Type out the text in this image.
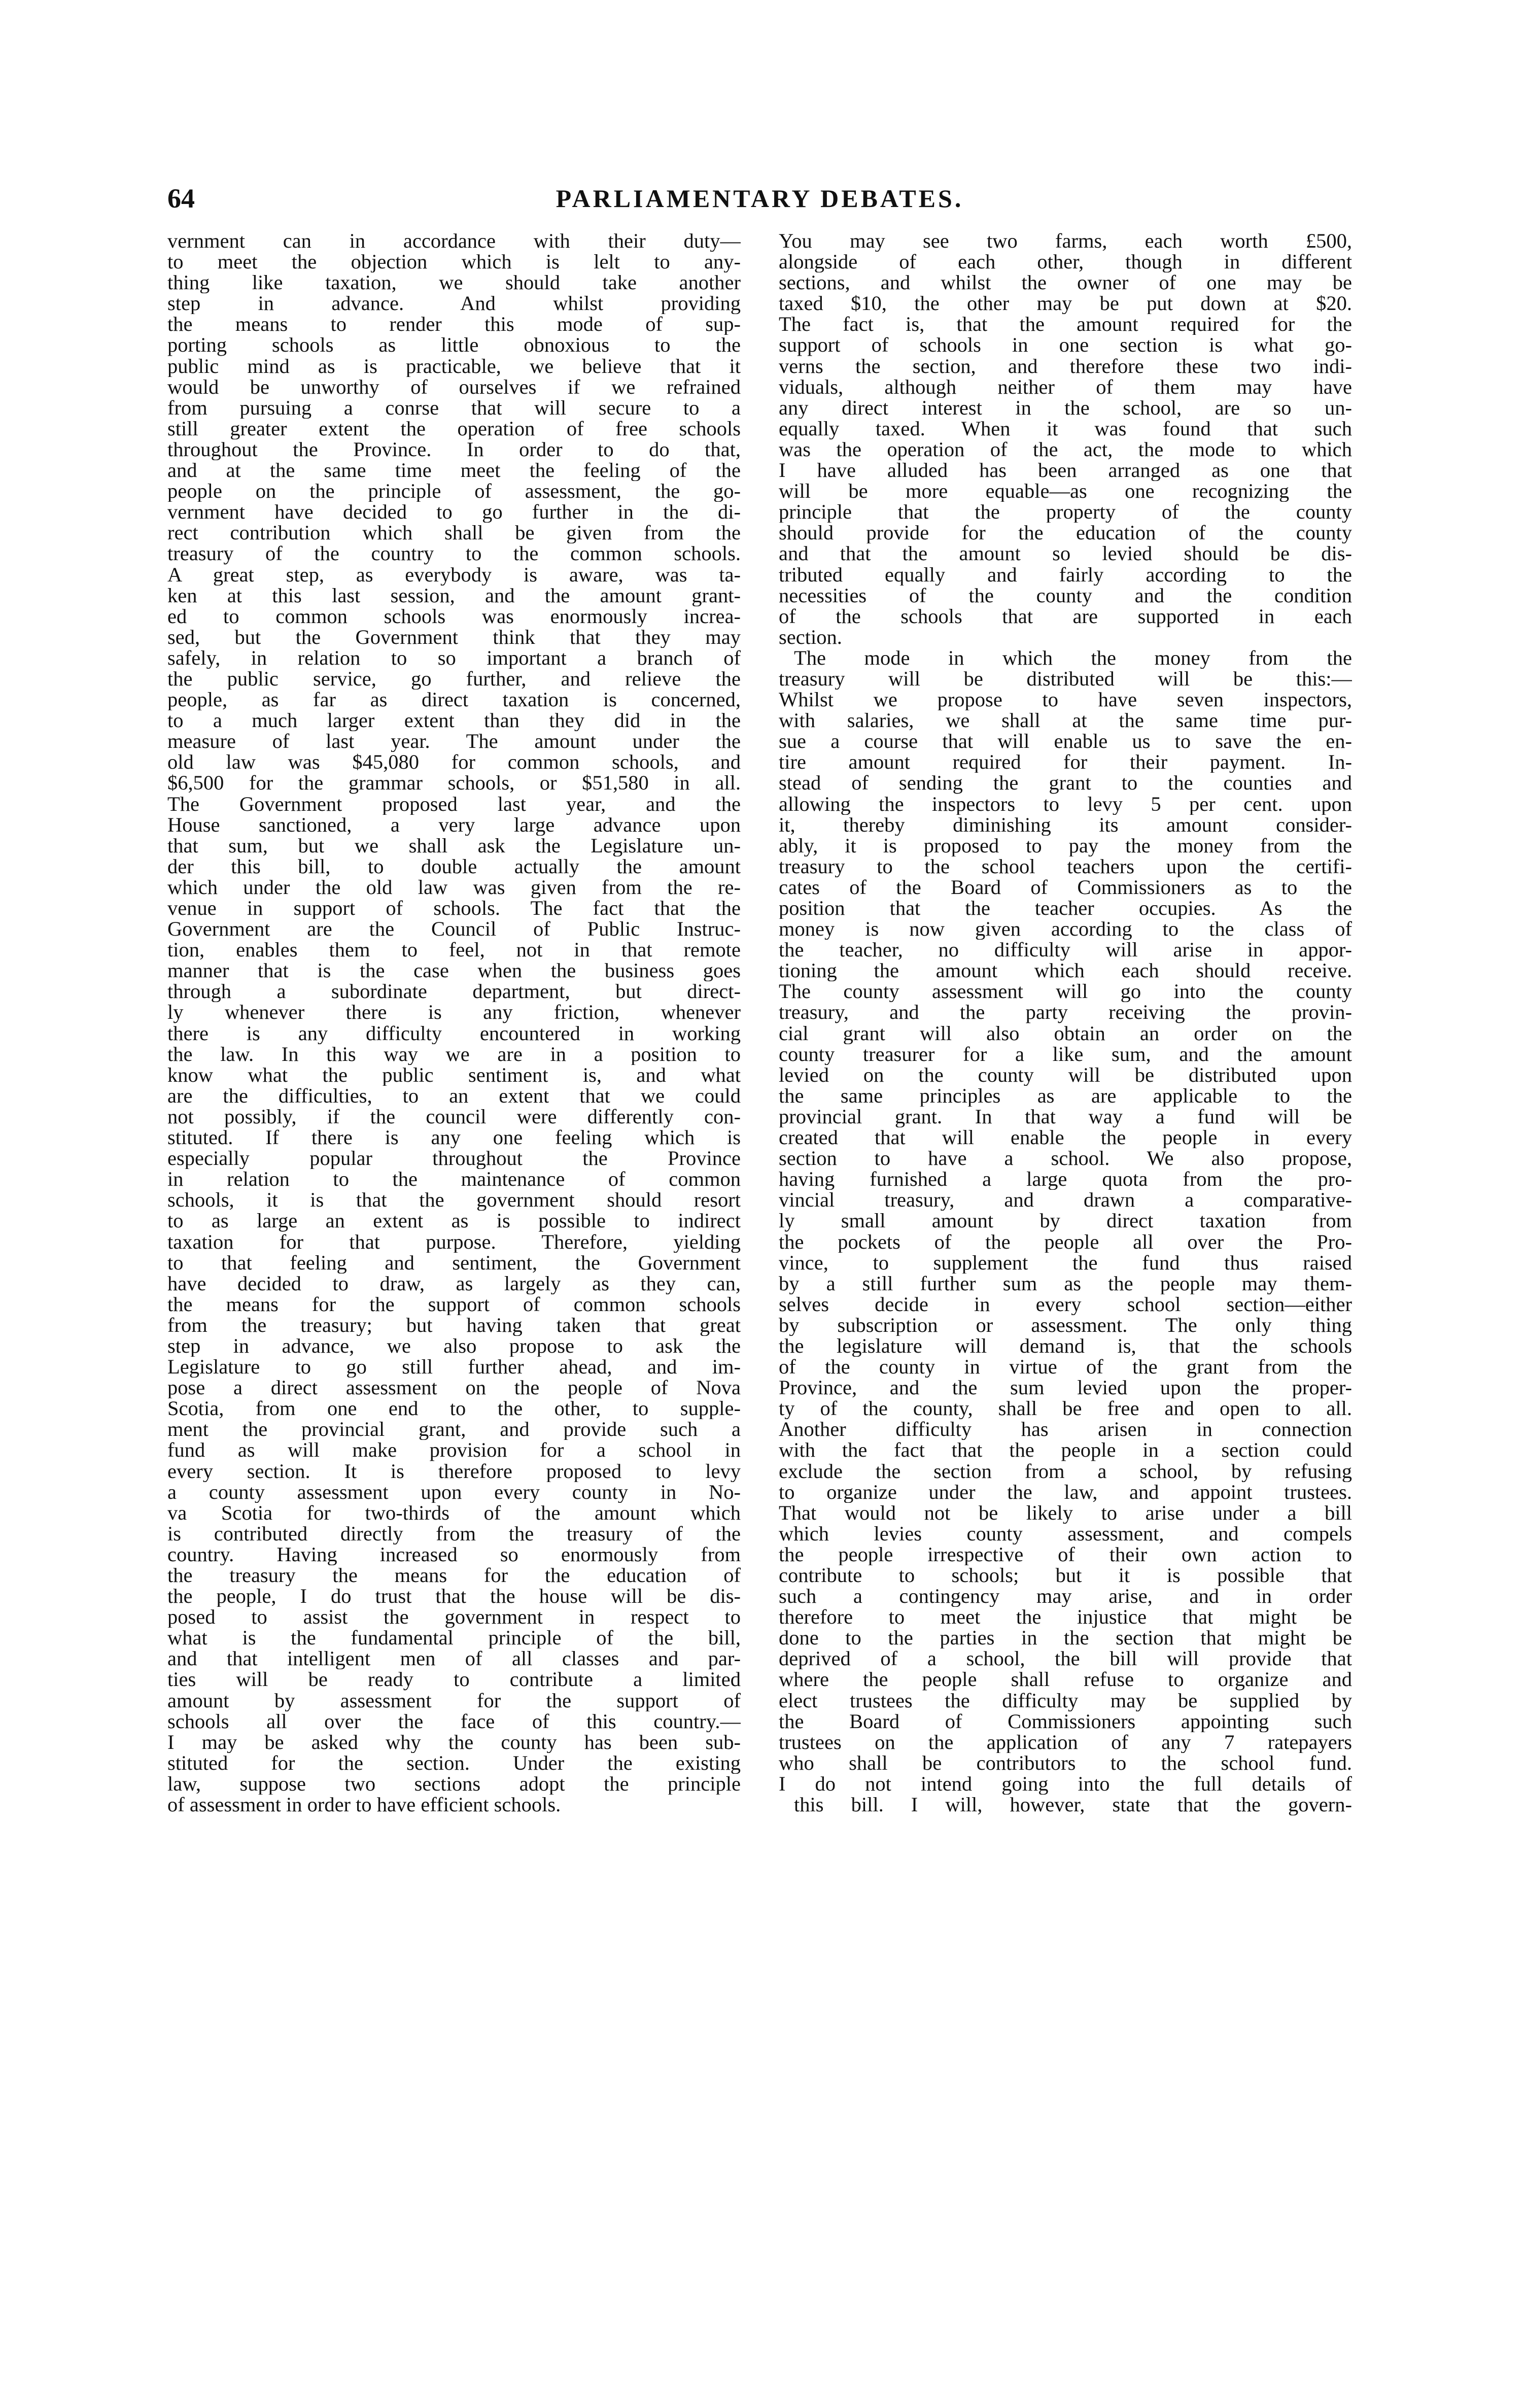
64	PARLIAMENTARY DEBATES.
vernment can in accordance with their duty—
to meet the objection which is lelt to any-
thing like taxation, we should take another
step in advance. And whilst providing
the means to render this mode of sup-
porting schools as little obnoxious to the
public mind as is practicable, we believe that it
would be unworthy of ourselves if we refrained
from pursuing a conrse that will secure to a
still greater extent the operation of free schools
throughout the Province. In order to do that,
and at the same time meet the feeling of the
people on the principle of assessment, the go-
vernment have decided to go further in the di-
rect contribution which shall be given from the
treasury of the country to the common schools.
A great step, as everybody is aware, was ta-
ken at this last session, and the amount grant-
ed to common schools was enormously increa-
sed, but the Government think that they may
safely, in relation to so important a branch of
the public service, go further, and relieve the
people, as far as direct taxation is concerned,
to a much larger extent than they did in the
measure of last year. The amount under the
old law was $45,080 for common schools, and
$6,500 for the grammar schools, or $51,580 in all.
The Government proposed last year, and the
House sanctioned, a very large advance upon
that sum, but we shall ask the Legislature un-
der this bill, to double actually the amount
which under the old law was given from the re-
venue in support of schools. The fact that the
Government are the Council of Public Instruc-
tion, enables them to feel, not in that remote
manner that is the case when the business goes
through a subordinate department, but direct-
ly whenever there is any friction, whenever
there is any difficulty encountered in working
the law. In this way we are in a position to
know what the public sentiment is, and what
are the difficulties, to an extent that we could
not possibly, if the council were differently con-
stituted. If there is any one feeling which is
especially popular throughout the Province
in relation to the maintenance of common
schools, it is that the government should resort
to as large an extent as is possible to indirect
taxation for that purpose. Therefore, yielding
to that feeling and sentiment, the Government
have decided to draw, as largely as they can,
the means for the support of common schools
from the treasury; but having taken that great
step in advance, we also propose to ask the
Legislature to go still further ahead, and im-
pose a direct assessment on the people of Nova
Scotia, from one end to the other, to supple-
ment the provincial grant, and provide such a
fund as will make provision for a school in
every section. It is therefore proposed to levy
a county assessment upon every county in No-
va Scotia for two-thirds of the amount which
is contributed directly from the treasury of the
country. Having increased so enormously from
the treasury the means for the education of
the people, I do trust that the house will be dis-
posed to assist the government in respect to
what is the fundamental principle of the bill,
and that intelligent men of all classes and par-
ties will be ready to contribute a limited
amount by assessment for the support of
schools all over the face of this country.—
I may be asked why the county has been sub-
stituted for the section. Under the existing
law, suppose two sections adopt the principle
of assessment in order to have efficient schools.
You may see two farms, each worth £500,
alongside of each other, though in different
sections, and whilst the owner of one may be
taxed $10, the other may be put down at $20.
The fact is, that the amount required for the
support of schools in one section is what go-
verns the section, and therefore these two indi-
viduals, although neither of them may have
any direct interest in the school, are so un-
equally taxed. When it was found that such
was the operation of the act, the mode to which
I have alluded has been arranged as one that
will be more equable—as one recognizing the
principle that the property of the county
should provide for the education of the county
and that the amount so levied should be dis-
tributed equally and fairly according to the
necessities of the county and the condition
of the schools that are supported in each
section.
The mode in which the money from the
treasury will be distributed will be this:—
Whilst we propose to have seven inspectors,
with salaries, we shall at the same time pur-
sue a course that will enable us to save the en-
tire amount required for their payment. In-
stead of sending the grant to the counties and
allowing the inspectors to levy 5 per cent. upon
it, thereby diminishing its amount consider-
ably, it is proposed to pay the money from the
treasury to the school teachers upon the certifi-
cates of the Board of Commissioners as to the
position that the teacher occupies. As the
money is now given according to the class of
the teacher, no difficulty will arise in appor-
tioning the amount which each should receive.
The county assessment will go into the county
treasury, and the party receiving the provin-
cial grant will also obtain an order on the
county treasurer for a like sum, and the amount
levied on the county will be distributed upon
the same principles as are applicable to the
provincial grant. In that way a fund will be
created that will enable the people in every
section to have a school. We also propose,
having furnished a large quota from the pro-
vincial treasury, and drawn a comparative-
ly small amount by direct taxation from
the pockets of the people all over the Pro-
vince, to supplement the fund thus raised
by a still further sum as the people may them-
selves decide in every school section—either
by subscription or assessment. The only thing
the legislature will demand is, that the schools
of the county in virtue of the grant from the
Province, and the sum levied upon the proper-
ty of the county, shall be free and open to all.
Another difficulty has arisen in connection
with the fact that the people in a section could
exclude the section from a school, by refusing
to organize under the law, and appoint trustees.
That would not be likely to arise under a bill
which levies county assessment, and compels
the people irrespective of their own action to
contribute to schools; but it is possible that
such a contingency may arise, and in order
therefore to meet the injustice that might be
done to the parties in the section that might be
deprived of a school, the bill will provide that
where the people shall refuse to organize and
elect trustees the difficulty may be supplied by
the Board of Commissioners appointing such
trustees on the application of any 7 ratepayers
who shall be contributors to the school fund.
I do not intend going into the full details of
this bill. I will, however, state that the govern-
